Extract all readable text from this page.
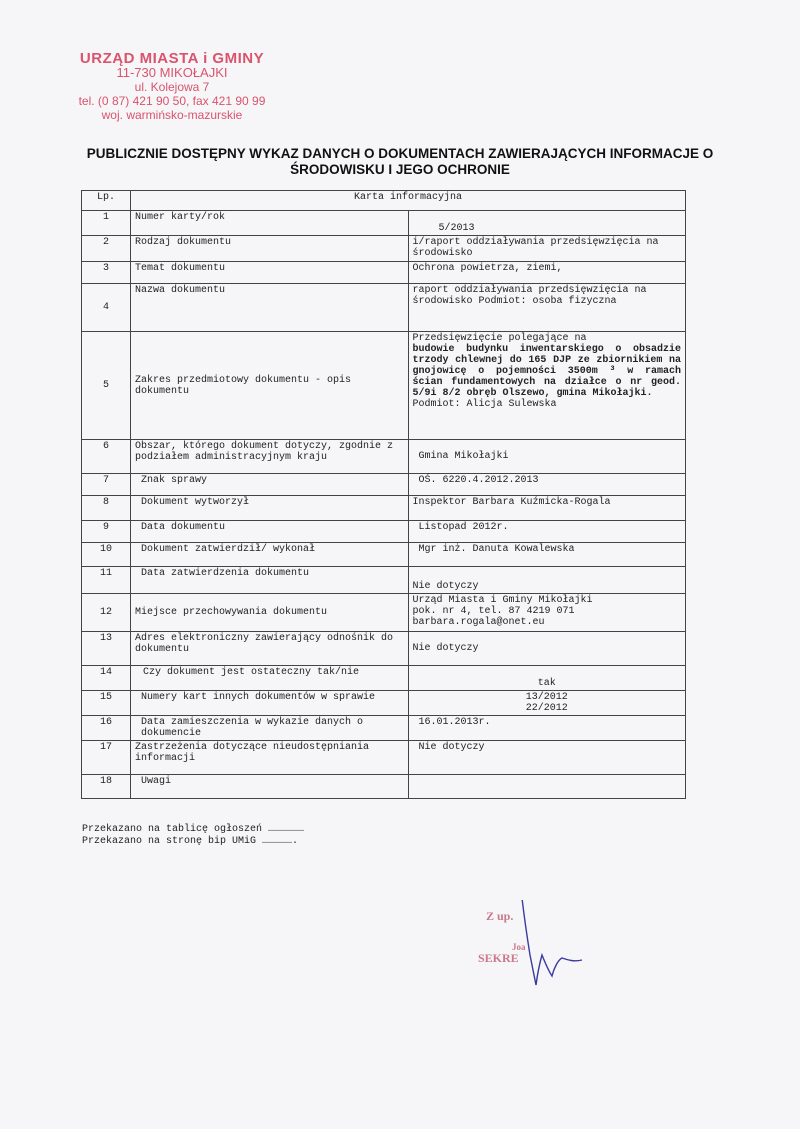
URZĄD MIASTA i GMINY
11-730 MIKOŁAJKI
ul. Kolejowa 7
tel. (0 87) 421 90 50, fax 421 90 99
woj. warmińsko-mazurskie
PUBLICZNIE DOSTĘPNY WYKAZ DANYCH O DOKUMENTACH ZAWIERAJĄCYCH INFORMACJE O
ŚRODOWISKU I JEGO OCHRONIE
Lp.	Karta informacyjna	
1	Numer karty/rok	5/2013
2	Rodzaj dokumentu	i/raport oddziaływania przedsięwzięcia na środowisko
3	Temat dokumentu	Ochrona powietrza, ziemi,
4	Nazwa dokumentu	raport oddziaływania przedsięwzięcia na środowisko Podmiot: osoba fizyczna
5	Zakres przedmiotowy dokumentu - opis dokumentu	Przedsięwzięcie polegające na
budowie budynku inwentarskiego o obsadzie trzody chlewnej do 165 DJP ze zbiornikiem na gnojowicę o pojemności 3500m ³ w ramach ścian fundamentowych na działce o nr geod. 5/9i 8/2 obręb Olszewo, gmina Mikołajki.
Podmiot: Alicja Sulewska

6	Obszar, którego dokument dotyczy, zgodnie z podziałem administracyjnym kraju	Gmina Mikołajki
7	Znak sprawy	OŚ. 6220.4.2012.2013
8	Dokument wytworzył	Inspektor Barbara Kuźmicka-Rogala
9	Data dokumentu	Listopad 2012r.
10	Dokument zatwierdził/ wykonał	Mgr inż. Danuta Kowalewska
11	Data zatwierdzenia dokumentu	Nie dotyczy
12	Miejsce przechowywania dokumentu	Urząd Miasta i Gminy Mikołajki
pok. nr 4, tel. 87 4219 071
barbara.rogala@onet.eu

13	Adres elektroniczny zawierający odnośnik do dokumentu	Nie dotyczy
14	Czy dokument jest ostateczny tak/nie	tak
15	Numery kart innych dokumentów w sprawie	13/2012
22/2012

16	Data zamieszczenia w wykazie danych o dokumencie	16.01.2013r.
17	Zastrzeżenia dotyczące nieudostępniania informacji	Nie dotyczy
18	Uwagi	
Przekazano na tablicę ogłoszeń ………………
Przekazano na stronę bip UMiG …………….
Z up.
Joa
SEKRE
